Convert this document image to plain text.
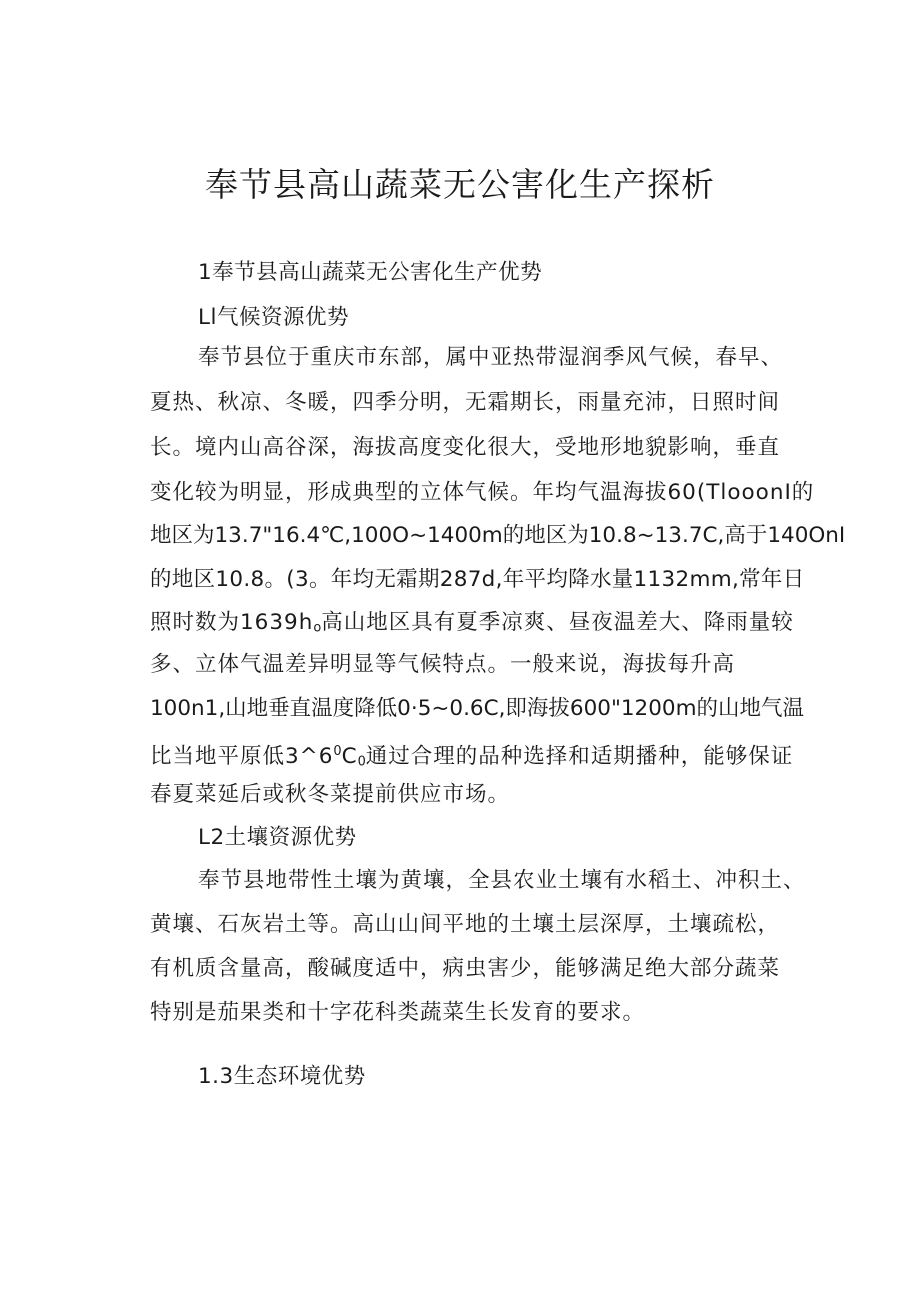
奉节县高山蔬菜无公害化生产探析

1奉节县高山蔬菜无公害化生产优势

Ll气候资源优势

奉节县位于重庆市东部，属中亚热带湿润季风气候，春早、

夏热、秋凉、冬暖，四季分明，无霜期长，雨量充沛，日照时间

长。境内山高谷深，海拔高度变化很大，受地形地貌影响，垂直

变化较为明显，形成典型的立体气候。年均气温海拔60(TlooonI的

地区为13.7"16.4℃,100O~1400m的地区为10.8~13.7C,高于140OnI

的地区10.8。(3。年均无霜期287d,年平均降水量1132mm,常年日

照时数为$1639h_o$高山地区具有夏季凉爽、昼夜温差大、降雨量较

多、立体气温差异明显等气候特点。一般来说，海拔每升高

100n1,山地垂直温度降低0·5~0.6C,即海拔600"1200m的山地气温

比当地平原低$3\^{}6^0C_0$通过合理的品种选择和适期播种，能够保证

春夏菜延后或秋冬菜提前供应市场。

L2土壤资源优势

奉节县地带性土壤为黄壤，全县农业土壤有水稻土、冲积土、

黄壤、石灰岩土等。高山山间平地的土壤土层深厚，土壤疏松，

有机质含量高，酸碱度适中，病虫害少，能够满足绝大部分蔬菜

特别是茄果类和十字花科类蔬菜生长发育的要求。

1.3生态环境优势
